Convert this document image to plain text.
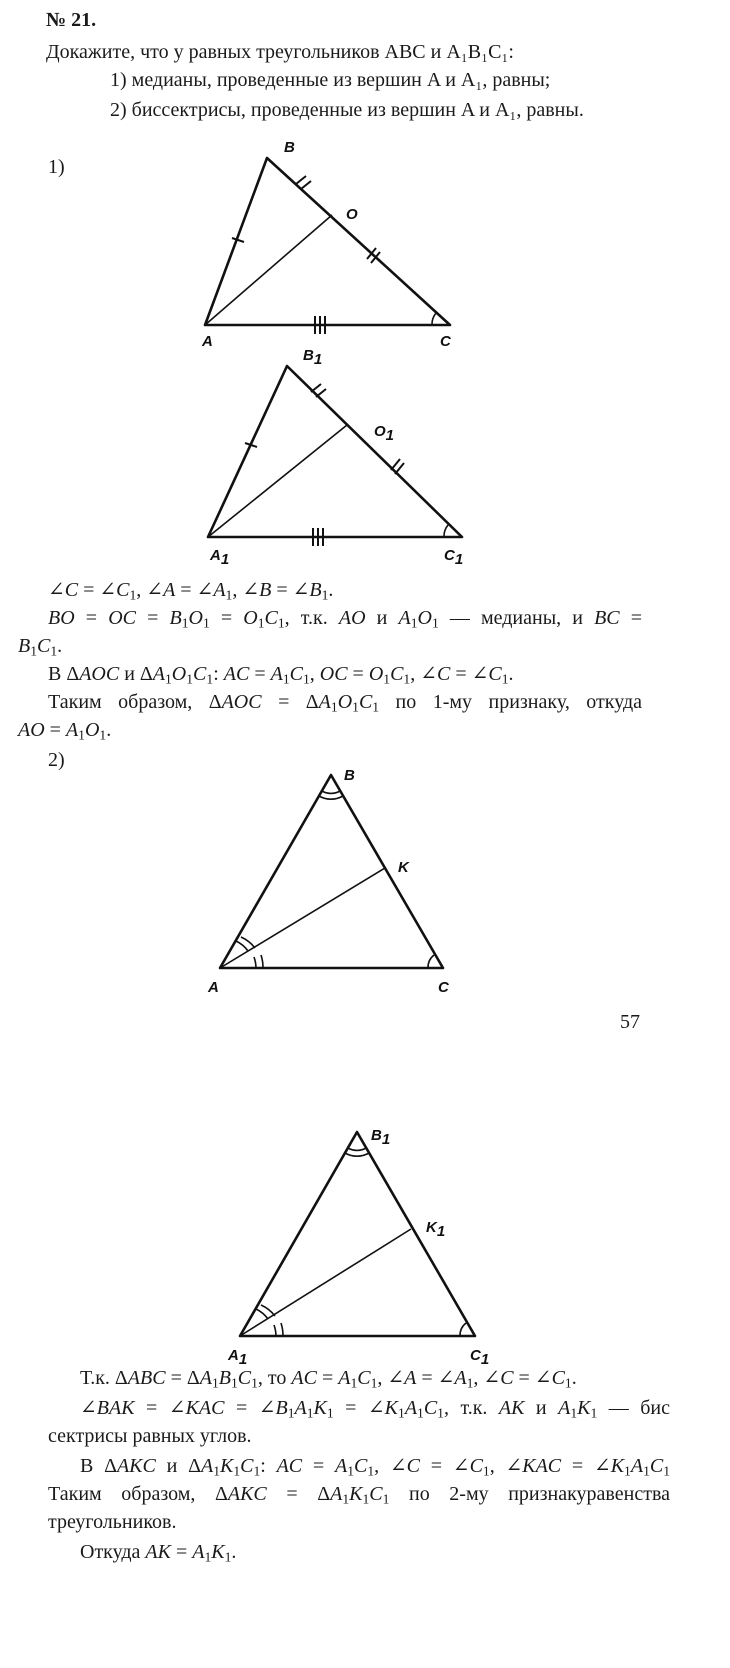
№ 21.
Докажите, что у равных треугольников ABC и A₁B₁C₁:
1) медианы, проведенные из вершин A и A₁, равны;
2) биссектрисы, проведенные из вершин A и A₁, равны.
1)
B
O
A	C
B1
O1
A1	C1
∠C = $\angle C_1$, ∠A = $\angle A_1$, ∠B = $\angle B_1$.
BO = OC = $B_1O_1 = O_1C_1$, т.к. AO и $A_1O_1$ –– медианы, и BC =
$B_1C_1$.
В ΔAOC и $\Delta A_1O_1C_1$: AC = $A_1C_1$, OC = $O_1C_1$, ∠C = $\angle C_1$.
Таким образом, $\Delta AOC = \Delta A_1O_1C_1$ по 1-му признаку, откуда
AO = $A_1O_1$.
2)
B
K
A	C
57
B1
K1
A1	C1
Т.к. $\Delta ABC = \Delta A_1B_1C_1$, то AC = $A_1C_1$, ∠A = $\angle A_1$, ∠C = $\angle C_1$.
∠BAK = ∠KAC = $\angle B_1A_1K_1$ = $\angle K_1A_1C_1$, т.к. AK и $A_1K_1$ — бис
сектрисы равных углов.
В ΔAKC и $\Delta A_1K_1C_1$: AC = $A_1C_1$, ∠C = $\angle C_1$, ∠KAC = $\angle K_1A_1C_1$
Таким образом, $\Delta AKC = \Delta A_1K_1C_1$ по 2-му признакуравенства
треугольников.
Откуда AK = $A_1K_1$.
